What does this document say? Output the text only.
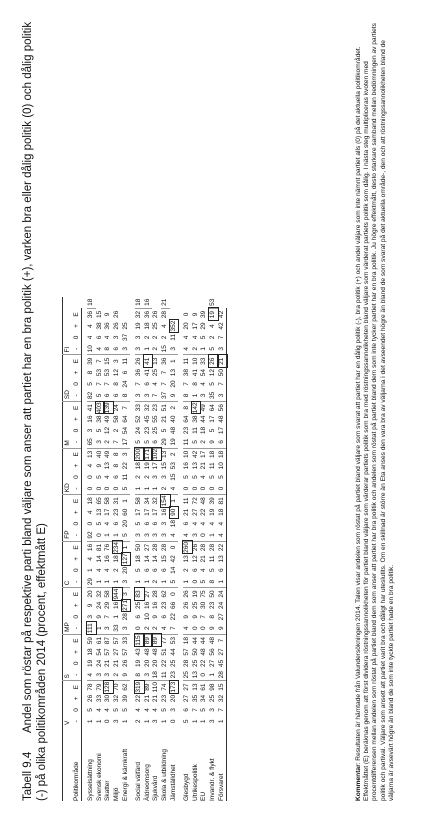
Tabell 9.4Andel som röstar på respektive parti bland väljare som anser att partiet har en bra politik (+), varken bra eller dålig politik (0) och dålig politik (-) på olika politikområden 2014 (procent, effektmått E)
		V				S				MP				C				FP				KD				M				SD				FI				
Politikområde	-	0	+	E	-	0	+	E	-	0	+	E	-	0	+	E	-	0	+	E	-	0	+	E	-	0	+	E	-	0	+	E	-	0	+	E	

Sysselsättning	1	5	26	78	4	19	18	59	111	3	9	20	29	1	4	16	92	0	4	18	0	0	4	13	65	3	16	41	82	5	8	39	10	4	4	36	18
Svensk ekonomi	1	4	33	79	3	24	54	61	1	9	24	32	1	4	14	81	0	5	13	65	0	5	9	40	3	5	38	403	5	7	53	7	4	6	38	15	
Skatter	0	4	30	128	3	21	57	87	3	7	29	58	1	4	16	76	1	4	17	58	0	4	13	49	2	12	49	139	6	7	53	15	8	4	36	9	
Miljö	3	5	32	70	2	21	27	57	33	1	16	944	1	2	18	234	1	6	23	31	0	6	8	8	7	2	58	24	6	8	12	3	6	3	26	26	
Energi & kärnkraft	1	5	39	62	9	26	57	33	3	28	271	3	3	20	127	1	5	20	60	1	5	11	22	3	17	54	64	7	8	24	6	11	3	37	25		

Social välfärd	2	4	22	319	8	19	43	115	0	6	25	83	1	5	18	50	3	5	17	58	1	2	18	200	5	24	52	33	3	7	36	26	3	3	19	32	18
Äldreomsorg	1	4	21	89	3	20	48	89	2	10	16	27	1	6	14	27	3	6	17	34	1	2	19	171	5	23	45	32	3	6	41	41	1	2	18	36	16
Sjukvård	3	4	21	110	18	20	48	89	2	9	16	28	2	6	14	28	3	6	17	32	1	3	17	102	6	25	55	23	7	4	25	13	2	2	25	26	
Skola & utbildning	1	5	23	74	11	22	51	77	4	6	23	62	1	6	15	28	3	3	16	154	2	3	15	13	29	5	21	51	37	7	7	36	15	2	4	28	21
Jämställdhet	0	3	20	173	23	25	44	53	7	22	66	0	5	14	42	0	4	18	90	1	4	15	53	2	19	48	40	2	9	20	13	1	3	11	352		

Glesbygd	5	6	27	27	25	28	57	18	4	9	26	26	1	2	13	260	4	6	21	11	0	5	16	10	11	23	64	8	8	7	38	11	4	4	20	0	
Utrikespolitik	1	7	35	13	13	25	50	44	0	9	25	19	0	6	12	26	3	4	27	72	0	5	13	42	5	11	38	142	1	8	41	10	2	4	17	9	
EU	1	5	34	61	0	22	48	44	0	7	30	75	5	4	21	28	0	4	22	48	0	4	21	17	2	18	44	49	3	4	54	33	1	5	29	39	
Invandr. & flykt	3	3	25	98	1	27	56	48	9	8	23	50	8	5	11	28	1	4	19	39	0	5	11	18	9	5	17	64	35	5	12	26	5	2	4	19	53
Försvaret	1	7	32	15	28	45	27	7	9	27	24	24	1	6	13	22	4	4	18	81	0	5	10	18	6	17	48	56	3	7	50	21	3	7	42	42	
Kommentar: Resultaten är hämtade från Valundersökningen 2014. Talen visar andelen som röstat på partiet bland väljare som svarat att partiet har en dålig politik (-), bra politik (+) och andel väljare som inte nämnt partiet alls (0) på det aktuella politikområdet. Effektmåttet (E) beräknas genom att först dividera röstningssannolikheten för partiet bland väljare som värderar partiets politik som bra med röstningssannolikheten bland väljare som värderat partiets politik som dålig. I nästa steg multipliceras kvoten med procentdifferensen mellan andelen som röstat på partiet bland dem som anser att partiet har bra politik och andelen som röstat på partiet bland dem som inte tycker partiet har en bra politik. Ju högre effektmått, desto starkare samband mellan bedömningen av partiets politik och partival. Väljare som ansett att partiet varit bra och dåligt har uteslutits. Om en skillnad är större än Eta anses den vara bra av väljarna i det avseendet högre än bland de som svarat på det aktuella område-, den och att röstningssannolikheten bland de väljarna är avsevärt högre än bland de som inte tyckte partiet hade en bra politik.
